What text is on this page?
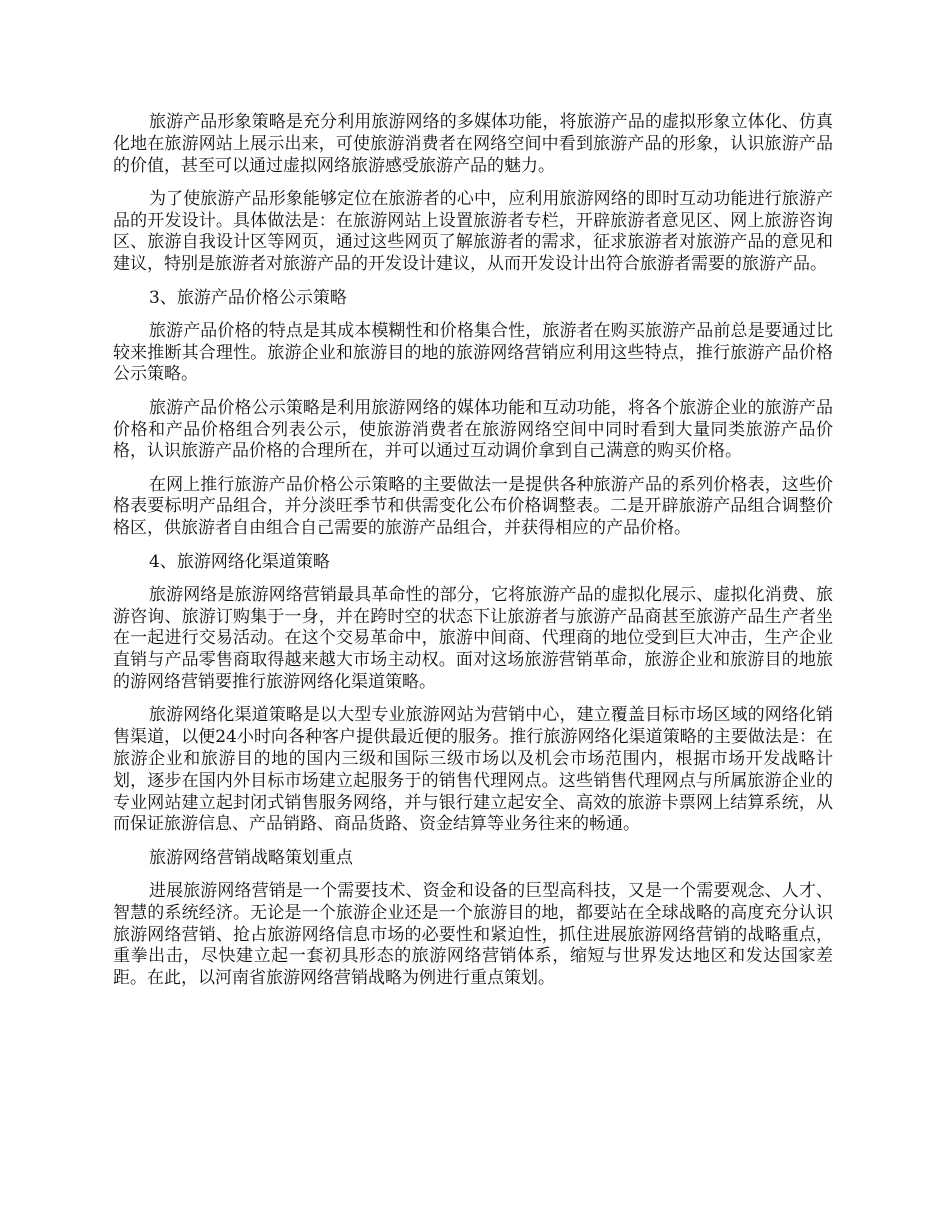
旅游产品形象策略是充分利用旅游网络的多媒体功能，将旅游产品的虚拟形象立体化、仿真化地在旅游网站上展示出来，可使旅游消费者在网络空间中看到旅游产品的形象，认识旅游产品的价值，甚至可以通过虚拟网络旅游感受旅游产品的魅力。

为了使旅游产品形象能够定位在旅游者的心中，应利用旅游网络的即时互动功能进行旅游产品的开发设计。具体做法是：在旅游网站上设置旅游者专栏，开辟旅游者意见区、网上旅游咨询区、旅游自我设计区等网页，通过这些网页了解旅游者的需求，征求旅游者对旅游产品的意见和建议，特别是旅游者对旅游产品的开发设计建议，从而开发设计出符合旅游者需要的旅游产品。

3、旅游产品价格公示策略

旅游产品价格的特点是其成本模糊性和价格集合性，旅游者在购买旅游产品前总是要通过比较来推断其合理性。旅游企业和旅游目的地的旅游网络营销应利用这些特点，推行旅游产品价格公示策略。

旅游产品价格公示策略是利用旅游网络的媒体功能和互动功能，将各个旅游企业的旅游产品价格和产品价格组合列表公示，使旅游消费者在旅游网络空间中同时看到大量同类旅游产品价格，认识旅游产品价格的合理所在，并可以通过互动调价拿到自己满意的购买价格。

在网上推行旅游产品价格公示策略的主要做法一是提供各种旅游产品的系列价格表，这些价格表要标明产品组合，并分淡旺季节和供需变化公布价格调整表。二是开辟旅游产品组合调整价格区，供旅游者自由组合自己需要的旅游产品组合，并获得相应的产品价格。

4、旅游网络化渠道策略

旅游网络是旅游网络营销最具革命性的部分，它将旅游产品的虚拟化展示、虚拟化消费、旅游咨询、旅游订购集于一身，并在跨时空的状态下让旅游者与旅游产品商甚至旅游产品生产者坐在一起进行交易活动。在这个交易革命中，旅游中间商、代理商的地位受到巨大冲击，生产企业直销与产品零售商取得越来越大市场主动权。面对这场旅游营销革命，旅游企业和旅游目的地旅的游网络营销要推行旅游网络化渠道策略。

旅游网络化渠道策略是以大型专业旅游网站为营销中心，建立覆盖目标市场区域的网络化销售渠道，以便24小时向各种客户提供最近便的服务。推行旅游网络化渠道策略的主要做法是：在旅游企业和旅游目的地的国内三级和国际三级市场以及机会市场范围内，根据市场开发战略计划，逐步在国内外目标市场建立起服务于的销售代理网点。这些销售代理网点与所属旅游企业的专业网站建立起封闭式销售服务网络，并与银行建立起安全、高效的旅游卡票网上结算系统，从而保证旅游信息、产品销路、商品货路、资金结算等业务往来的畅通。

旅游网络营销战略策划重点

进展旅游网络营销是一个需要技术、资金和设备的巨型高科技，又是一个需要观念、人才、智慧的系统经济。无论是一个旅游企业还是一个旅游目的地，都要站在全球战略的高度充分认识旅游网络营销、抢占旅游网络信息市场的必要性和紧迫性，抓住进展旅游网络营销的战略重点，重拳出击，尽快建立起一套初具形态的旅游网络营销体系，缩短与世界发达地区和发达国家差距。在此，以河南省旅游网络营销战略为例进行重点策划。
